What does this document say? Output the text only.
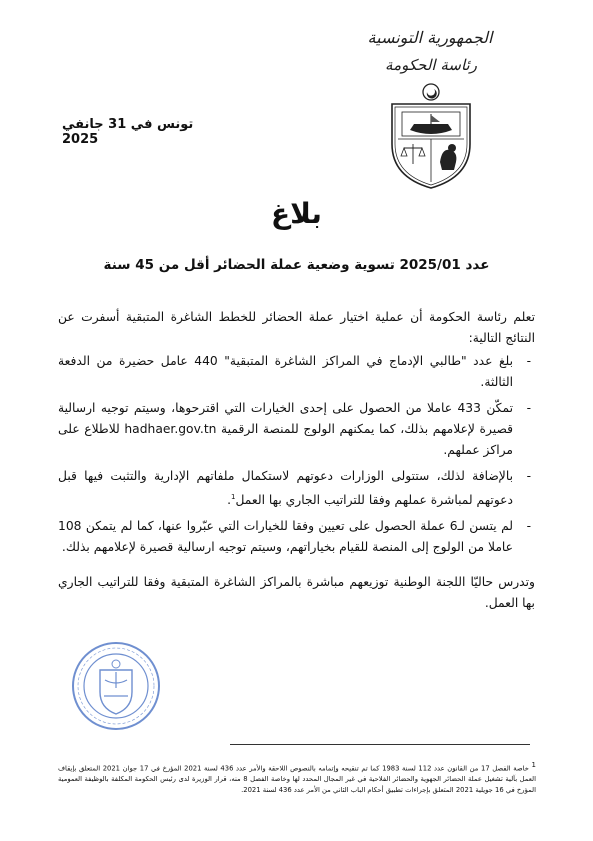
الجمهورية التونسية
رئاسة الحكومة
تونس في 31 جانفي 2025
بلاغ
عدد 2025/01 تسوية وضعية عملة الحضائر أقل من 45 سنة

تعلم رئاسة الحكومة أن عملية اختيار عملة الحضائر للخطط الشاغرة المتبقية أسفرت عن النتائج التالية:

-
بلغ عدد "طالبي الإدماج في المراكز الشاغرة المتبقية" 440 عامل حضيرة من الدفعة الثالثة.
-
تمكّن 433 عاملا من الحصول على إحدى الخيارات التي اقترحوها، وسيتم توجيه ارسالية قصيرة لإعلامهم بذلك، كما يمكنهم الولوج للمنصة الرقمية hadhaer.gov.tn للاطلاع على مراكز عملهم.
-
بالإضافة لذلك، ستتولى الوزارات دعوتهم لاستكمال ملفاتهم الإدارية والتثبت فيها قبل دعوتهم لمباشرة عملهم وفقا للتراتيب الجاري بها العمل$^1$.
-
لم يتسن لـ6 عملة الحصول على تعيين وفقا للخيارات التي عبّروا عنها، كما لم يتمكن 108 عاملا من الولوج إلى المنصة للقيام بخياراتهم، وسيتم توجيه ارسالية قصيرة لإعلامهم بذلك.

وتدرس حاليّا اللجنة الوطنية توزيعهم مباشرة بالمراكز الشاغرة المتبقية وفقا للتراتيب الجاري بها العمل.

$^1$ خاصة الفصل 17 من القانون عدد 112 لسنة 1983 كما تم تنقيحه وإتمامه بالنصوص اللاحقة والأمر عدد 436 لسنة 2021 المؤرخ في 17 جوان 2021 المتعلق بإيقاف العمل بآلية تشغيل عملة الحضائر الجهوية والحضائر الفلاحية في غير المجال المحدد لها وخاصة الفصل 8 منه، قرار الوزيرة لدى رئيس الحكومة المكلفة بالوظيفة العمومية المؤرخ في 16 جويلية 2021 المتعلق بإجراءات تطبيق أحكام الباب الثاني من الأمر عدد 436 لسنة 2021.
